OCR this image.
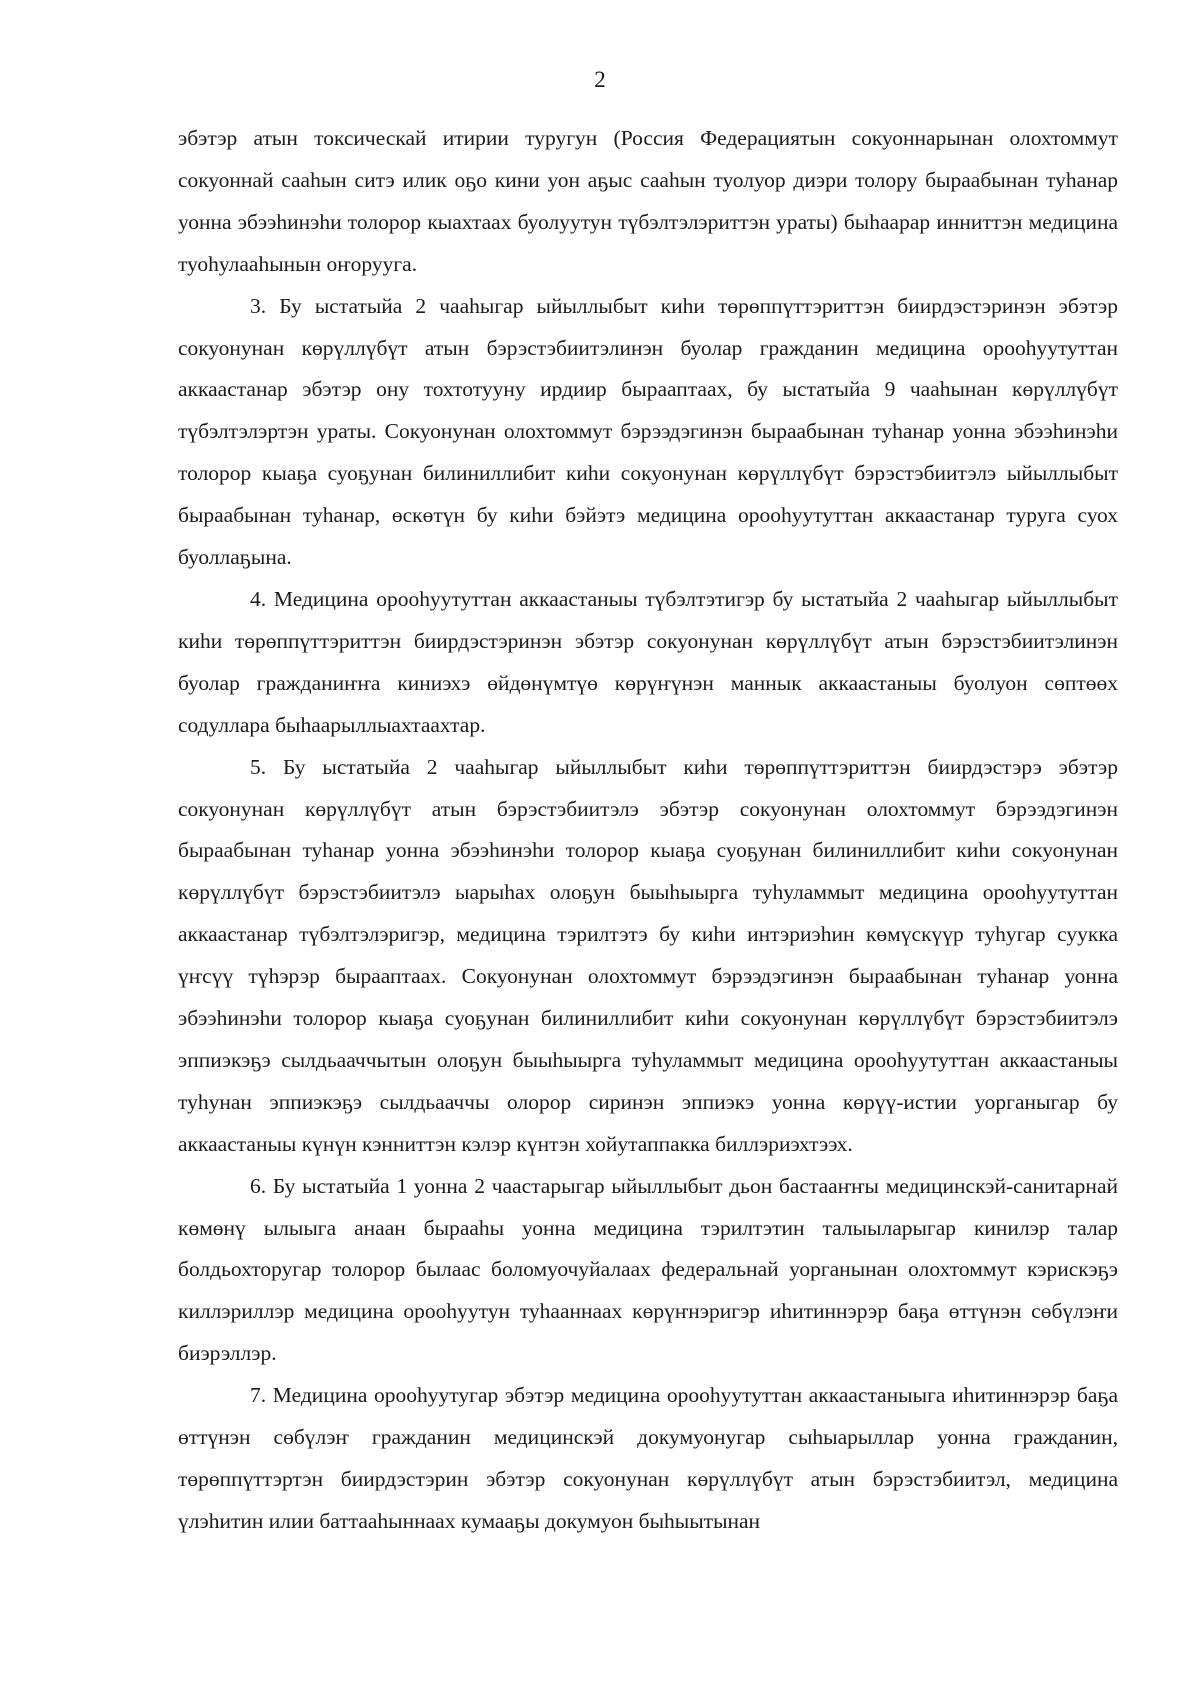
2

эбэтэр атын токсическай итирии туругун (Россия Федерациятын сокуоннарынан олохтоммут сокуоннай сааһын ситэ илик оҕо кини уон аҕыс сааһын туолуор диэри толору быраабынан туһанар уонна эбээһинэһи толорор кыахтаах буолуутун түбэлтэлэриттэн ураты) быһаарар инниттэн медицина туоһулааһынын оҥорууга.

3. Бу ыстатыйа 2 чааһыгар ыйыллыбыт киһи төрөппүттэриттэн биирдэстэринэн эбэтэр сокуонунан көрүллүбүт атын бэрэстэбиитэлинэн буолар гражданин медицина орооһуутуттан аккаастанар эбэтэр ону тохтотууну ирдиир бырааптаах, бу ыстатыйа 9 чааһынан көрүллүбүт түбэлтэлэртэн ураты. Сокуонунан олохтоммут бэрээдэгинэн быраабынан туһанар уонна эбээһинэһи толорор кыаҕа суоҕунан билиниллибит киһи сокуонунан көрүллүбүт бэрэстэбиитэлэ ыйыллыбыт быраабынан туһанар, өскөтүн бу киһи бэйэтэ медицина орооһуутуттан аккаастанар туруга суох буоллаҕына.

4. Медицина орооһуутуттан аккаастаныы түбэлтэтигэр бу ыстатыйа 2 чааһыгар ыйыллыбыт киһи төрөппүттэриттэн биирдэстэринэн эбэтэр сокуонунан көрүллүбүт атын бэрэстэбиитэлинэн буолар гражданиҥҥа киниэхэ өйдөнүмтүө көрүҥүнэн маннык аккаастаныы буолуон сөптөөх содуллара быһаарыллыахтаахтар.

5. Бу ыстатыйа 2 чааһыгар ыйыллыбыт киһи төрөппүттэриттэн биирдэстэрэ эбэтэр сокуонунан көрүллүбүт атын бэрэстэбиитэлэ эбэтэр сокуонунан олохтоммут бэрээдэгинэн быраабынан туһанар уонна эбээһинэһи толорор кыаҕа суоҕунан билиниллибит киһи сокуонунан көрүллүбүт бэрэстэбиитэлэ ыарыһах олоҕун быыһыырга туһуламмыт медицина орооһуутуттан аккаастанар түбэлтэлэригэр, медицина тэрилтэтэ бу киһи интэриэһин көмүскүүр туһугар суукка үҥсүү түһэрэр бырааптаах. Сокуонунан олохтоммут бэрээдэгинэн быраабынан туһанар уонна эбээһинэһи толорор кыаҕа суоҕунан билиниллибит киһи сокуонунан көрүллүбүт бэрэстэбиитэлэ эппиэкэҕэ сылдьааччытын олоҕун быыһыырга туһуламмыт медицина орооһуутуттан аккаастаныы туһунан эппиэкэҕэ сылдьааччы олорор сиринэн эппиэкэ уонна көрүү-истии уорганыгар бу аккаастаныы күнүн кэнниттэн кэлэр күнтэн хойутаппакка биллэриэхтээх.

6. Бу ыстатыйа 1 уонна 2 чаастарыгар ыйыллыбыт дьон бастааҥҥы медицинскэй-санитарнай көмөнү ылыыга анаан бырааһы уонна медицина тэрилтэтин талыыларыгар кинилэр талар болдьохторугар толорор былаас боломуочуйалаах федеральнай уорганынан олохтоммут кэрискэҕэ киллэриллэр медицина орооһуутун туһааннаах көрүҥнэригэр иһитиннэрэр баҕа өттүнэн сөбүлэҥи биэрэллэр.

7. Медицина орооһуутугар эбэтэр медицина орооһуутуттан аккаастаныыга иһитиннэрэр баҕа өттүнэн сөбүлэҥ гражданин медицинскэй докумуонугар сыһыарыллар уонна гражданин, төрөппүттэртэн биирдэстэрин эбэтэр сокуонунан көрүллүбүт атын бэрэстэбиитэл, медицина үлэһитин илии баттааһыннаах кумааҕы докумуон быһыытынан
